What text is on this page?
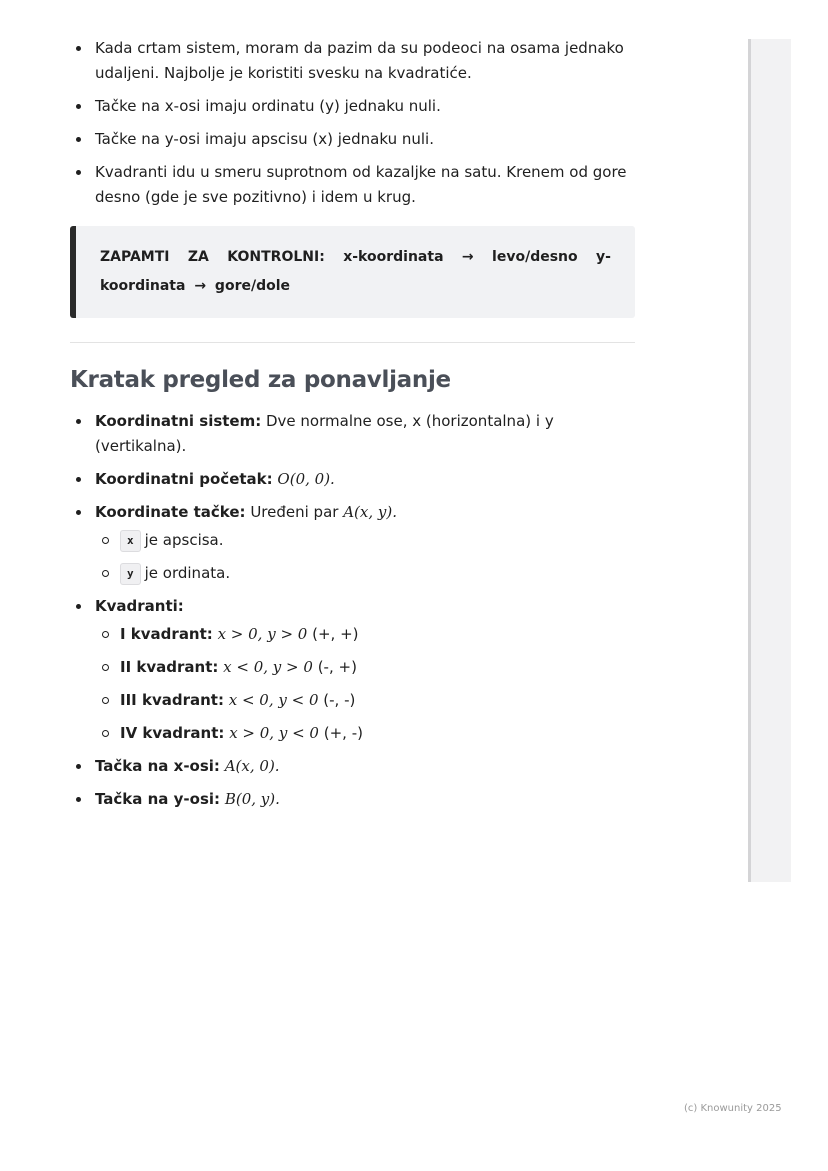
Kada crtam sistem, moram da pazim da su podeoci na osama jednako udaljeni. Najbolje je koristiti svesku na kvadratiće.
Tačke na x-osi imaju ordinatu (y) jednaku nuli.
Tačke na y-osi imaju apscisu (x) jednaku nuli.
Kvadranti idu u smeru suprotnom od kazaljke na satu. Krenem od gore desno (gde je sve pozitivno) i idem u krug.
ZAPAMTI ZA KONTROLNI: x-koordinata → levo/desno y-koordinata → gore/dole
Kratak pregled za ponavljanje
Koordinatni sistem: Dve normalne ose, x (horizontalna) i y (vertikalna).
Koordinatni početak: O(0, 0).
Koordinate tačke: Uređeni par A(x, y).
x je apscisa.
y je ordinata.
Kvadranti:
I kvadrant: x > 0, y > 0 (+, +)
II kvadrant: x < 0, y > 0 (-, +)
III kvadrant: x < 0, y < 0 (-, -)
IV kvadrant: x > 0, y < 0 (+, -)
Tačka na x-osi: A(x, 0).
Tačka na y-osi: B(0, y).
(c) Knowunity 2025
